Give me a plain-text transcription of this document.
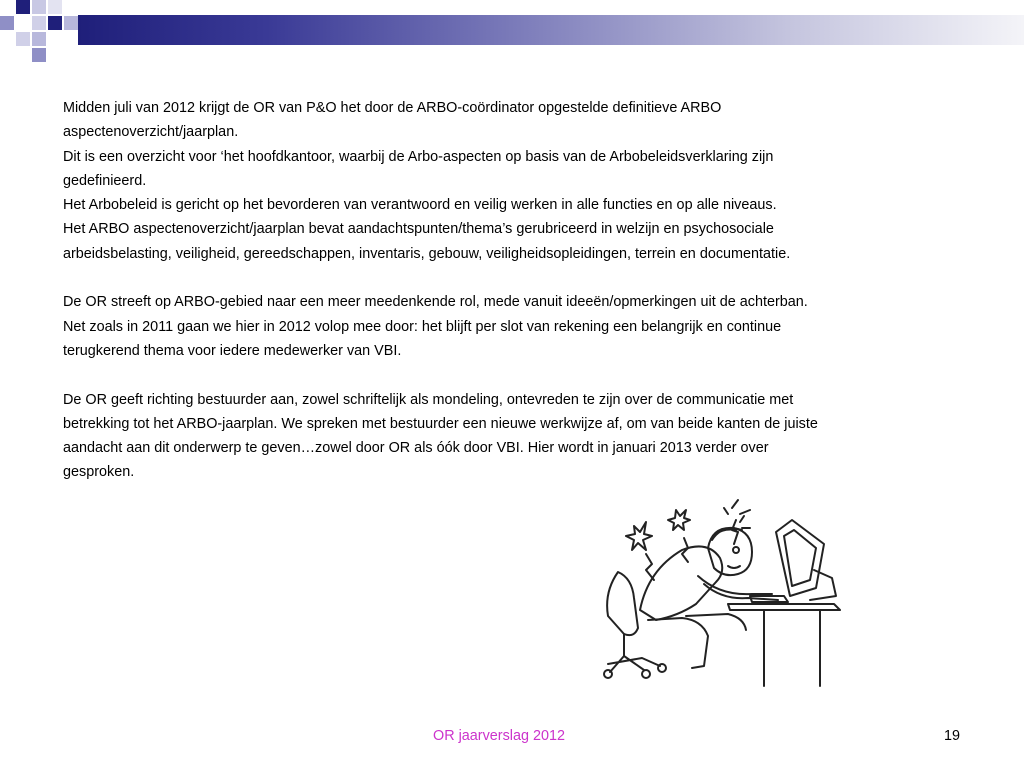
Midden juli van 2012 krijgt de OR van P&O het door de ARBO-coördinator opgestelde definitieve ARBO

aspectenoverzicht/jaarplan.

Dit is een overzicht voor ‘het hoofdkantoor, waarbij de Arbo-aspecten op basis van de Arbobeleidsverklaring zijn

gedefinieerd.

Het Arbobeleid is gericht op het bevorderen van verantwoord en veilig werken in alle functies en op alle niveaus.

Het ARBO aspectenoverzicht/jaarplan bevat aandachtspunten/thema’s gerubriceerd in welzijn en psychosociale

arbeidsbelasting, veiligheid, gereedschappen, inventaris, gebouw, veiligheidsopleidingen, terrein en documentatie.

De OR streeft op ARBO-gebied naar een meer meedenkende rol, mede vanuit ideeën/opmerkingen uit de achterban.

Net zoals in 2011 gaan we hier in 2012 volop mee door: het blijft per slot van rekening een belangrijk en continue

terugkerend thema voor iedere medewerker van VBI.

De OR geeft richting bestuurder aan, zowel schriftelijk als mondeling, ontevreden te zijn over de communicatie met

betrekking tot het ARBO-jaarplan. We spreken met bestuurder een nieuwe werkwijze af, om van beide kanten de juiste

aandacht aan dit onderwerp te geven…zowel door OR als óók door VBI. Hier wordt in januari 2013 verder over

gesproken.

OR jaarverslag 2012	19
